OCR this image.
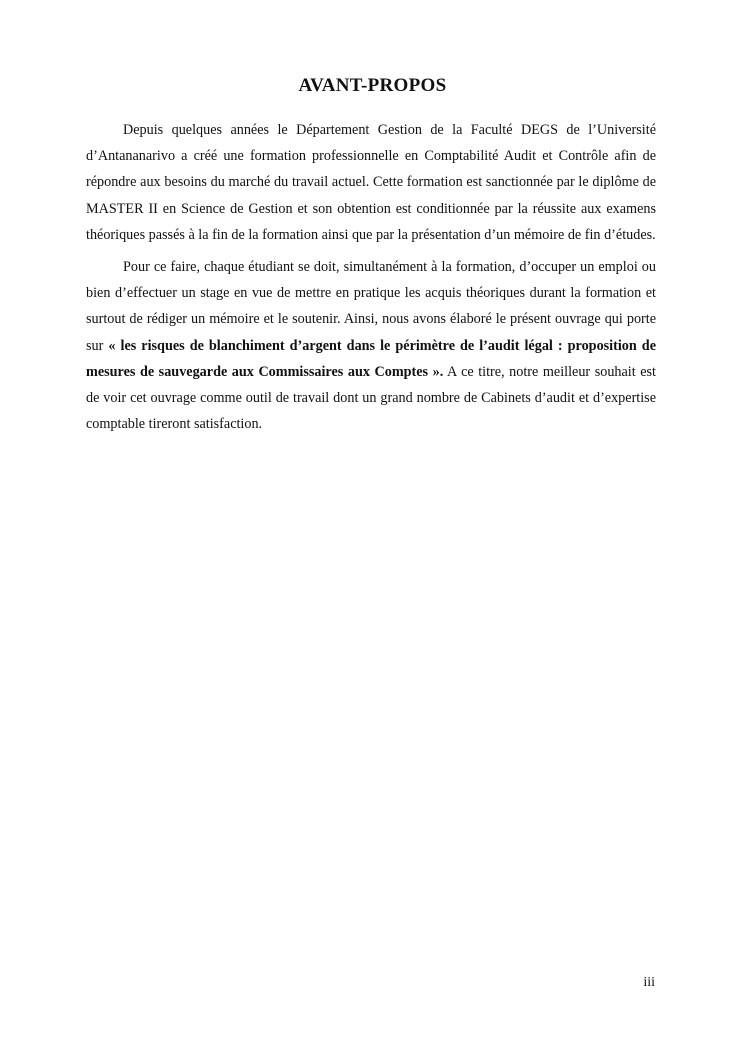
AVANT-PROPOS

Depuis quelques années le Département Gestion de la Faculté DEGS de l’Université d’Antananarivo a créé une formation professionnelle en Comptabilité Audit et Contrôle afin de répondre aux besoins du marché du travail actuel. Cette formation est sanctionnée par le diplôme de MASTER II en Science de Gestion et son obtention est conditionnée par la réussite aux examens théoriques passés à la fin de la formation ainsi que par la présentation d’un mémoire de fin d’études.

Pour ce faire, chaque étudiant se doit, simultanément à la formation, d’occuper un emploi ou bien d’effectuer un stage en vue de mettre en pratique les acquis théoriques durant la formation et surtout de rédiger un mémoire et le soutenir. Ainsi, nous avons élaboré le présent ouvrage qui porte sur « les risques de blanchiment d’argent dans le périmètre de l’audit légal : proposition de mesures de sauvegarde aux Commissaires aux Comptes ». A ce titre, notre meilleur souhait est de voir cet ouvrage comme outil de travail dont un grand nombre de Cabinets d’audit et d’expertise comptable tireront satisfaction.

iii
